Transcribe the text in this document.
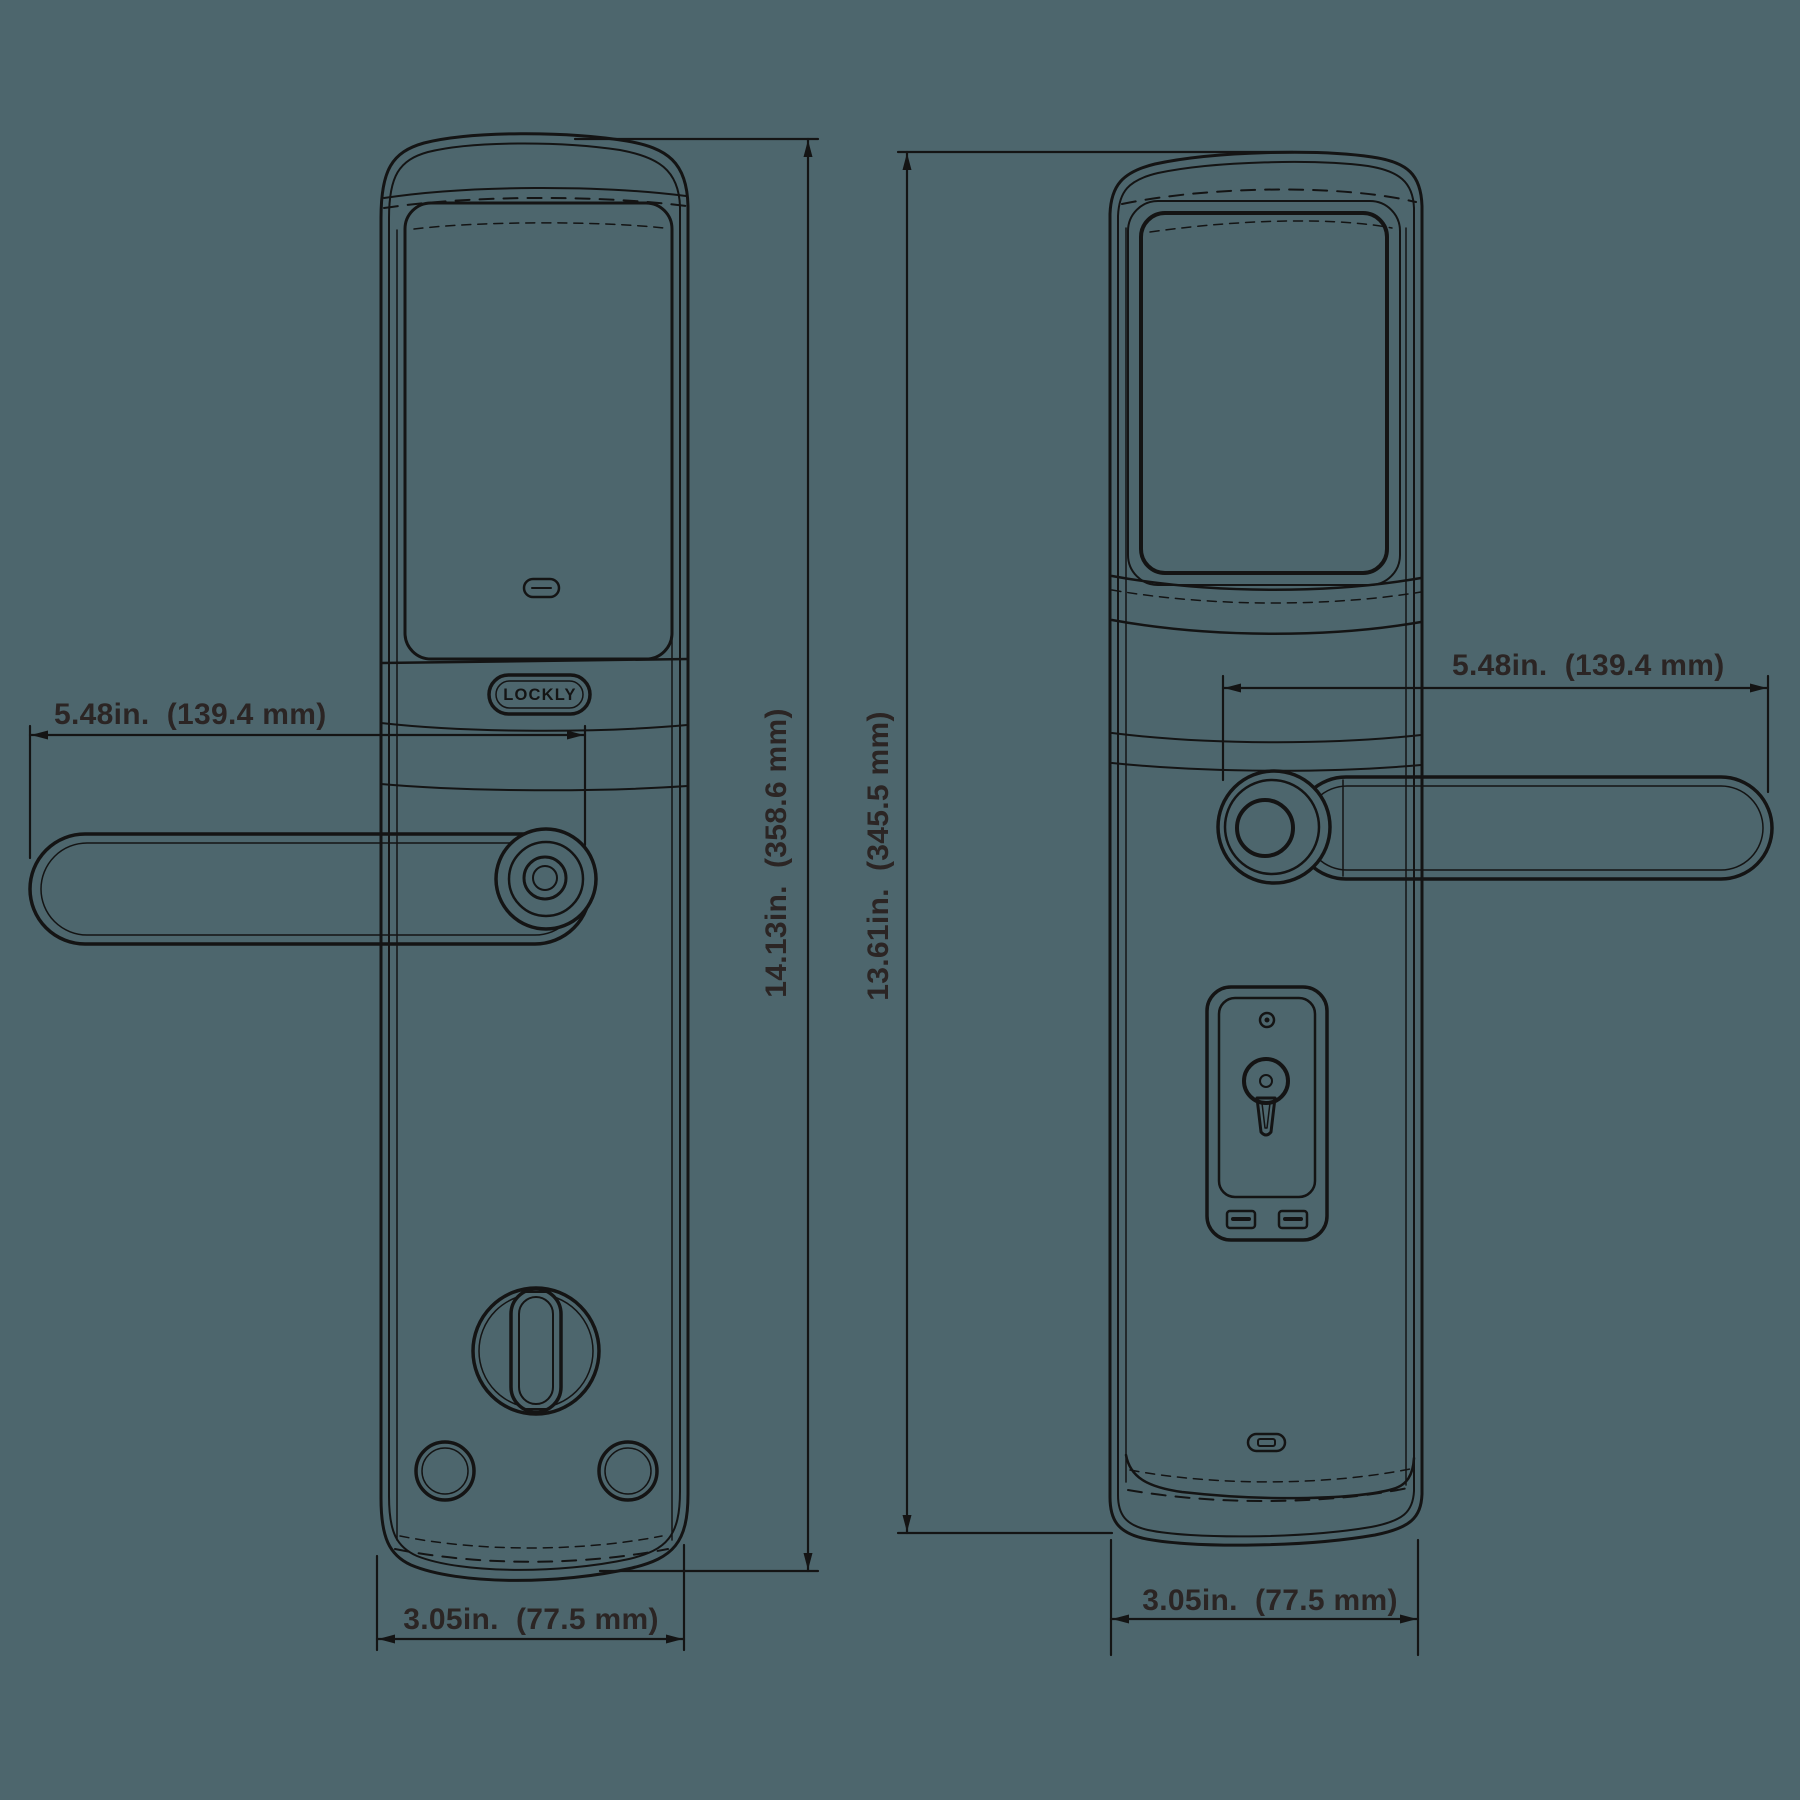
LOCKLY
5.48in.  (139.4 mm)	14.13in.  (358.6 mm)
3.05in.  (77.5 mm)
5.48in.  (139.4 mm)
13.61in.  (345.5 mm)
3.05in.  (77.5 mm)
